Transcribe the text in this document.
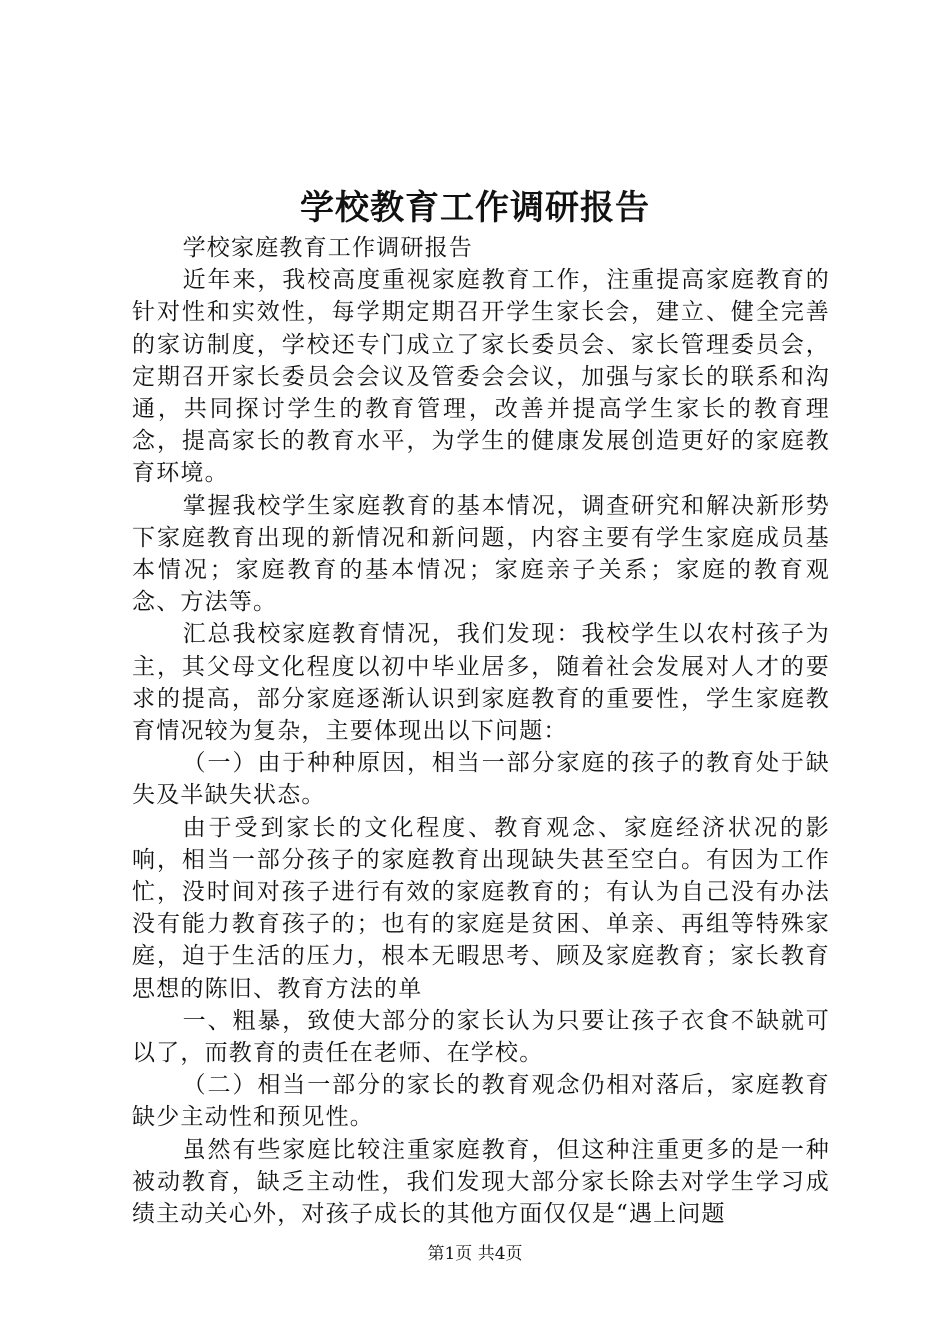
学校教育工作调研报告

学校家庭教育工作调研报告

近年来，我校高度重视家庭教育工作，注重提高家庭教育的针对性和实效性，每学期定期召开学生家长会，建立、健全完善的家访制度，学校还专门成立了家长委员会、家长管理委员会，定期召开家长委员会会议及管委会会议，加强与家长的联系和沟通，共同探讨学生的教育管理，改善并提高学生家长的教育理念，提高家长的教育水平，为学生的健康发展创造更好的家庭教育环境。

掌握我校学生家庭教育的基本情况，调查研究和解决新形势下家庭教育出现的新情况和新问题，内容主要有学生家庭成员基本情况；家庭教育的基本情况；家庭亲子关系；家庭的教育观念、方法等。

汇总我校家庭教育情况，我们发现：我校学生以农村孩子为主，其父母文化程度以初中毕业居多，随着社会发展对人才的要求的提高，部分家庭逐渐认识到家庭教育的重要性，学生家庭教育情况较为复杂，主要体现出以下问题：

（一）由于种种原因，相当一部分家庭的孩子的教育处于缺失及半缺失状态。

由于受到家长的文化程度、教育观念、家庭经济状况的影响，相当一部分孩子的家庭教育出现缺失甚至空白。有因为工作忙，没时间对孩子进行有效的家庭教育的；有认为自己没有办法没有能力教育孩子的；也有的家庭是贫困、单亲、再组等特殊家庭，迫于生活的压力，根本无暇思考、顾及家庭教育；家长教育思想的陈旧、教育方法的单

一、粗暴，致使大部分的家长认为只要让孩子衣食不缺就可以了，而教育的责任在老师、在学校。

（二）相当一部分的家长的教育观念仍相对落后，家庭教育缺少主动性和预见性。

虽然有些家庭比较注重家庭教育，但这种注重更多的是一种被动教育，缺乏主动性，我们发现大部分家长除去对学生学习成绩主动关心外，对孩子成长的其他方面仅仅是“遇上问题

第1页 共4页
